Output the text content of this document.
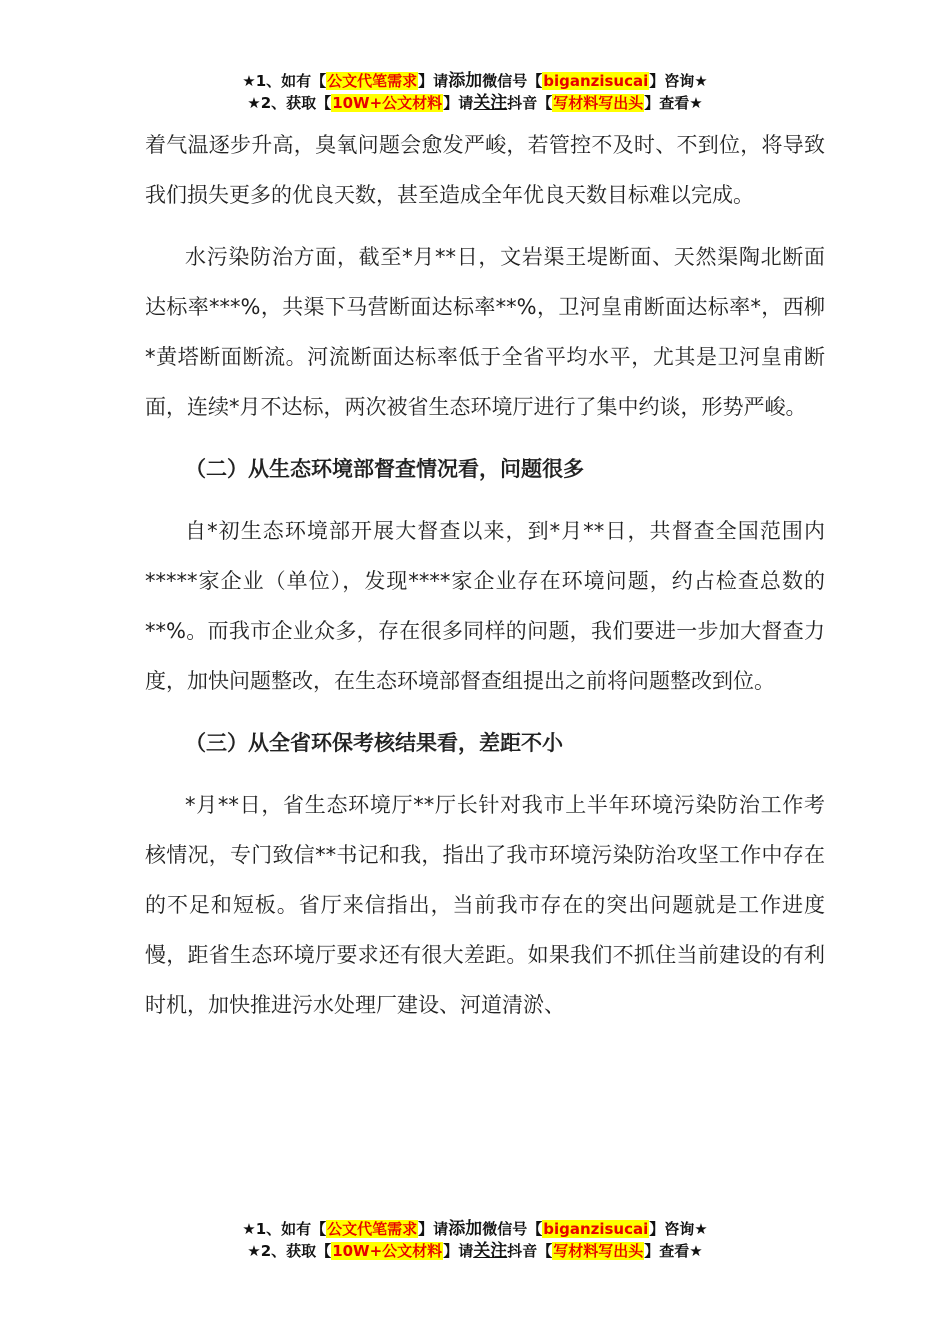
★1、如有【公文代笔需求】请添加微信号【biganzisucai】咨询★
★2、获取【10W+公文材料】请关注抖音【写材料写出头】查看★

着气温逐步升高，臭氧问题会愈发严峻，若管控不及时、不到位，将导致我们损失更多的优良天数，甚至造成全年优良天数目标难以完成。

水污染防治方面，截至*月**日，文岩渠王堤断面、天然渠陶北断面达标率***%，共渠下马营断面达标率**%，卫河皇甫断面达标率*，西柳*黄塔断面断流。河流断面达标率低于全省平均水平，尤其是卫河皇甫断面，连续*月不达标，两次被省生态环境厅进行了集中约谈，形势严峻。

（二）从生态环境部督查情况看，问题很多

自*初生态环境部开展大督查以来，到*月**日，共督查全国范围内*****家企业（单位），发现****家企业存在环境问题，约占检查总数的**%。而我市企业众多，存在很多同样的问题，我们要进一步加大督查力度，加快问题整改，在生态环境部督查组提出之前将问题整改到位。

（三）从全省环保考核结果看，差距不小

*月**日，省生态环境厅**厅长针对我市上半年环境污染防治工作考核情况，专门致信**书记和我，指出了我市环境污染防治攻坚工作中存在的不足和短板。省厅来信指出，当前我市存在的突出问题就是工作进度慢，距省生态环境厅要求还有很大差距。如果我们不抓住当前建设的有利时机，加快推进污水处理厂建设、河道清淤、

★1、如有【公文代笔需求】请添加微信号【biganzisucai】咨询★
★2、获取【10W+公文材料】请关注抖音【写材料写出头】查看★
